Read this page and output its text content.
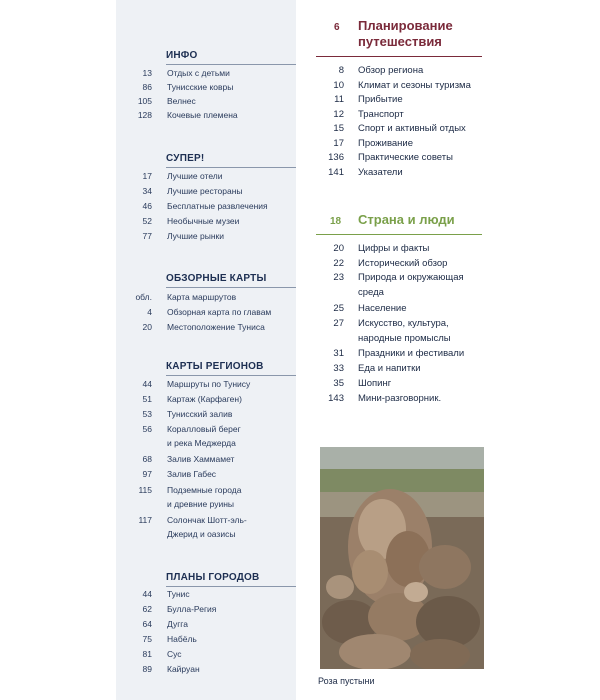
ИНФО
13 Отдых с детьми
86 Тунисские ковры
105 Велнес
128 Кочевые племена
СУПЕР!
17 Лучшие отели
34 Лучшие рестораны
46 Бесплатные развлечения
52 Необычные музеи
77 Лучшие рынки
ОБЗОРНЫЕ КАРТЫ
обл. Карта маршрутов
4 Обзорная карта по главам
20 Местоположение Туниса
КАРТЫ РЕГИОНОВ
44 Маршруты по Тунису
51 Картаж (Карфаген)
53 Тунисский залив
56 Коралловый берег
и река Меджерда
68 Залив Хаммамет
97 Залив Габес
115 Подземные города
и древние руины
117 Солончак Шотт-эль-
Джерид и оазисы
ПЛАНЫ ГОРОДОВ
44 Тунис
62 Булла-Регия
64 Дугга
75 Набёль
81 Сус
89 Кайруан
6 Планирование
путешествия
8 Обзор региона
10 Климат и сезоны туризма
11 Прибытие
12 Транспорт
15 Спорт и активный отдых
17 Проживание
136 Практические советы
141 Указатели
18 Страна и люди
20 Цифры и факты
22 Исторический обзор
23 Природа и окружающая
среда
25 Население
27 Искусство, культура,
народные промыслы
31 Праздники и фестивали
33 Еда и напитки
35 Шопинг
143 Мини-разговорник.
Роза пустыни
